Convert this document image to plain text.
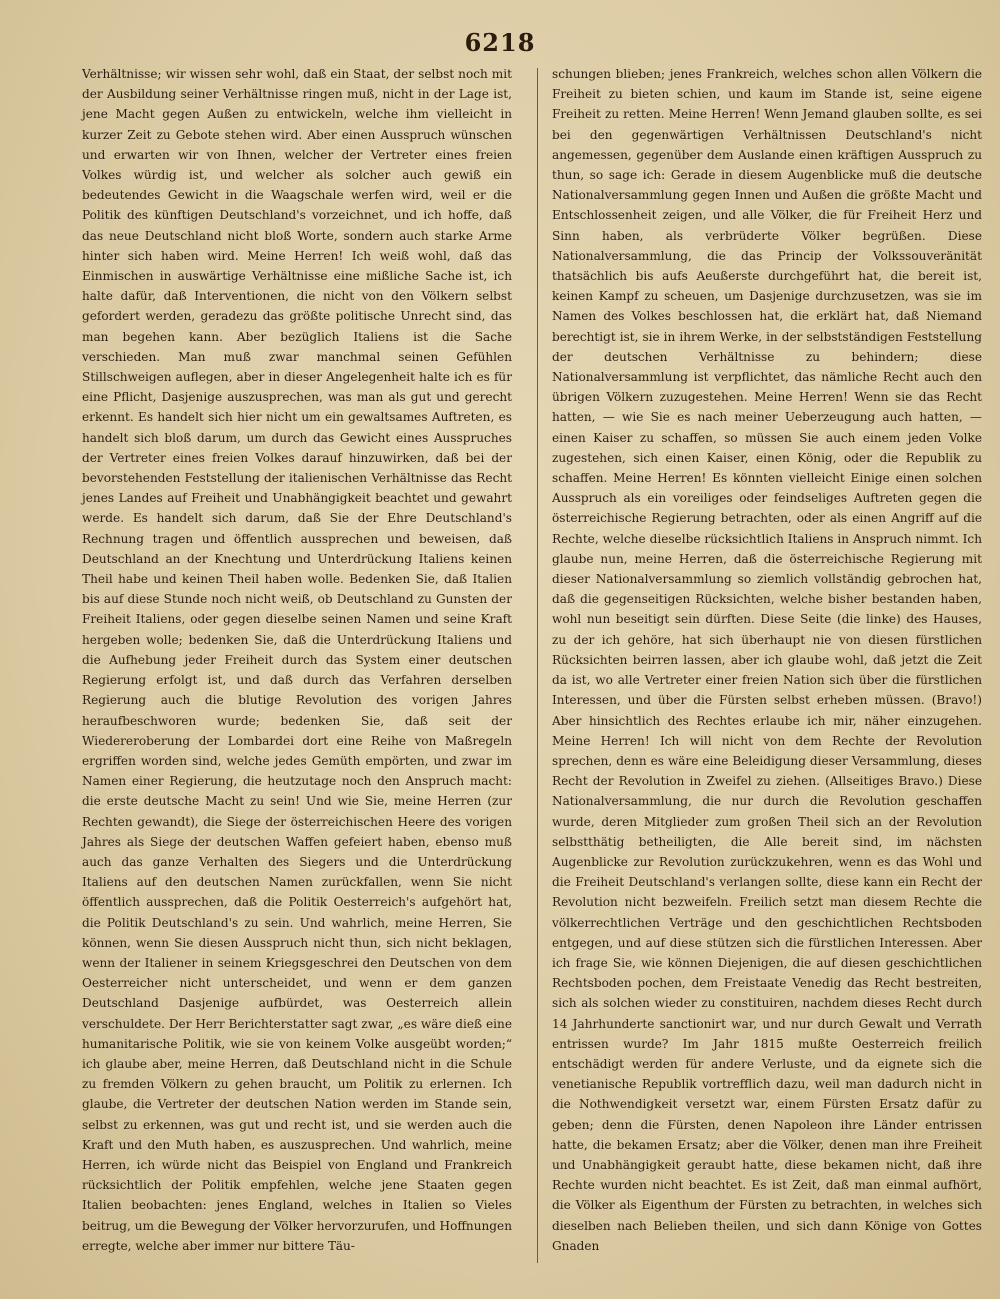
6218

Verhältnisse; wir wissen sehr wohl, daß ein Staat, der selbst noch mit der Ausbildung seiner Verhältnisse ringen muß, nicht in der Lage ist, jene Macht gegen Außen zu entwickeln, welche ihm vielleicht in kurzer Zeit zu Gebote stehen wird. Aber einen Ausspruch wünschen und erwarten wir von Ihnen, welcher der Vertreter eines freien Volkes würdig ist, und welcher als solcher auch gewiß ein bedeutendes Gewicht in die Waagschale werfen wird, weil er die Politik des künftigen Deutschland's vorzeichnet, und ich hoffe, daß das neue Deutschland nicht bloß Worte, sondern auch starke Arme hinter sich haben wird. Meine Herren! Ich weiß wohl, daß das Einmischen in auswärtige Verhältnisse eine mißliche Sache ist, ich halte dafür, daß Interventionen, die nicht von den Völkern selbst gefordert werden, geradezu das größte politische Unrecht sind, das man begehen kann. Aber bezüglich Italiens ist die Sache verschieden. Man muß zwar manchmal seinen Gefühlen Stillschweigen auflegen, aber in dieser Angelegenheit halte ich es für eine Pflicht, Dasjenige auszusprechen, was man als gut und gerecht erkennt. Es handelt sich hier nicht um ein gewaltsames Auftreten, es handelt sich bloß darum, um durch das Gewicht eines Ausspruches der Vertreter eines freien Volkes darauf hinzuwirken, daß bei der bevorstehenden Feststellung der italienischen Verhältnisse das Recht jenes Landes auf Freiheit und Unabhängigkeit beachtet und gewahrt werde. Es handelt sich darum, daß Sie der Ehre Deutschland's Rechnung tragen und öffentlich aussprechen und beweisen, daß Deutschland an der Knechtung und Unterdrückung Italiens keinen Theil habe und keinen Theil haben wolle. Bedenken Sie, daß Italien bis auf diese Stunde noch nicht weiß, ob Deutschland zu Gunsten der Freiheit Italiens, oder gegen dieselbe seinen Namen und seine Kraft hergeben wolle; bedenken Sie, daß die Unterdrückung Italiens und die Aufhebung jeder Freiheit durch das System einer deutschen Regierung erfolgt ist, und daß durch das Verfahren derselben Regierung auch die blutige Revolution des vorigen Jahres heraufbeschworen wurde; bedenken Sie, daß seit der Wiedereroberung der Lombardei dort eine Reihe von Maßregeln ergriffen worden sind, welche jedes Gemüth empörten, und zwar im Namen einer Regierung, die heutzutage noch den Anspruch macht: die erste deutsche Macht zu sein! Und wie Sie, meine Herren (zur Rechten gewandt), die Siege der österreichischen Heere des vorigen Jahres als Siege der deutschen Waffen gefeiert haben, ebenso muß auch das ganze Verhalten des Siegers und die Unterdrückung Italiens auf den deutschen Namen zurückfallen, wenn Sie nicht öffentlich aussprechen, daß die Politik Oesterreich's aufgehört hat, die Politik Deutschland's zu sein. Und wahrlich, meine Herren, Sie können, wenn Sie diesen Ausspruch nicht thun, sich nicht beklagen, wenn der Italiener in seinem Kriegsgeschrei den Deutschen von dem Oesterreicher nicht unterscheidet, und wenn er dem ganzen Deutschland Dasjenige aufbürdet, was Oesterreich allein verschuldete. Der Herr Berichterstatter sagt zwar, „es wäre dieß eine humanitarische Politik, wie sie von keinem Volke ausgeübt worden;“ ich glaube aber, meine Herren, daß Deutschland nicht in die Schule zu fremden Völkern zu gehen braucht, um Politik zu erlernen. Ich glaube, die Vertreter der deutschen Nation werden im Stande sein, selbst zu erkennen, was gut und recht ist, und sie werden auch die Kraft und den Muth haben, es auszusprechen. Und wahrlich, meine Herren, ich würde nicht das Beispiel von England und Frankreich rücksichtlich der Politik empfehlen, welche jene Staaten gegen Italien beobachten: jenes England, welches in Italien so Vieles beitrug, um die Bewegung der Völker hervorzurufen, und Hoffnungen erregte, welche aber immer nur bittere Täu-

schungen blieben; jenes Frankreich, welches schon allen Völkern die Freiheit zu bieten schien, und kaum im Stande ist, seine eigene Freiheit zu retten. Meine Herren! Wenn Jemand glauben sollte, es sei bei den gegenwärtigen Verhältnissen Deutschland's nicht angemessen, gegenüber dem Auslande einen kräftigen Ausspruch zu thun, so sage ich: Gerade in diesem Augenblicke muß die deutsche Nationalversammlung gegen Innen und Außen die größte Macht und Entschlossenheit zeigen, und alle Völker, die für Freiheit Herz und Sinn haben, als verbrüderte Völker begrüßen. Diese Nationalversammlung, die das Princip der Volkssouveränität thatsächlich bis aufs Aeußerste durchgeführt hat, die bereit ist, keinen Kampf zu scheuen, um Dasjenige durchzusetzen, was sie im Namen des Volkes beschlossen hat, die erklärt hat, daß Niemand berechtigt ist, sie in ihrem Werke, in der selbstständigen Feststellung der deutschen Verhältnisse zu behindern; diese Nationalversammlung ist verpflichtet, das nämliche Recht auch den übrigen Völkern zuzugestehen. Meine Herren! Wenn sie das Recht hatten, — wie Sie es nach meiner Ueberzeugung auch hatten, — einen Kaiser zu schaffen, so müssen Sie auch einem jeden Volke zugestehen, sich einen Kaiser, einen König, oder die Republik zu schaffen. Meine Herren! Es könnten vielleicht Einige einen solchen Ausspruch als ein voreiliges oder feindseliges Auftreten gegen die österreichische Regierung betrachten, oder als einen Angriff auf die Rechte, welche dieselbe rücksichtlich Italiens in Anspruch nimmt. Ich glaube nun, meine Herren, daß die österreichische Regierung mit dieser Nationalversammlung so ziemlich vollständig gebrochen hat, daß die gegenseitigen Rücksichten, welche bisher bestanden haben, wohl nun beseitigt sein dürften. Diese Seite (die linke) des Hauses, zu der ich gehöre, hat sich überhaupt nie von diesen fürstlichen Rücksichten beirren lassen, aber ich glaube wohl, daß jetzt die Zeit da ist, wo alle Vertreter einer freien Nation sich über die fürstlichen Interessen, und über die Fürsten selbst erheben müssen. (Bravo!) Aber hinsichtlich des Rechtes erlaube ich mir, näher einzugehen. Meine Herren! Ich will nicht von dem Rechte der Revolution sprechen, denn es wäre eine Beleidigung dieser Versammlung, dieses Recht der Revolution in Zweifel zu ziehen. (Allseitiges Bravo.) Diese Nationalversammlung, die nur durch die Revolution geschaffen wurde, deren Mitglieder zum großen Theil sich an der Revolution selbstthätig betheiligten, die Alle bereit sind, im nächsten Augenblicke zur Revolution zurückzukehren, wenn es das Wohl und die Freiheit Deutschland's verlangen sollte, diese kann ein Recht der Revolution nicht bezweifeln. Freilich setzt man diesem Rechte die völkerrechtlichen Verträge und den geschichtlichen Rechtsboden entgegen, und auf diese stützen sich die fürstlichen Interessen. Aber ich frage Sie, wie können Diejenigen, die auf diesen geschichtlichen Rechtsboden pochen, dem Freistaate Venedig das Recht bestreiten, sich als solchen wieder zu constituiren, nachdem dieses Recht durch 14 Jahrhunderte sanctionirt war, und nur durch Gewalt und Verrath entrissen wurde? Im Jahr 1815 mußte Oesterreich freilich entschädigt werden für andere Verluste, und da eignete sich die venetianische Republik vortrefflich dazu, weil man dadurch nicht in die Nothwendigkeit versetzt war, einem Fürsten Ersatz dafür zu geben; denn die Fürsten, denen Napoleon ihre Länder entrissen hatte, die bekamen Ersatz; aber die Völker, denen man ihre Freiheit und Unabhängigkeit geraubt hatte, diese bekamen nicht, daß ihre Rechte wurden nicht beachtet. Es ist Zeit, daß man einmal aufhört, die Völker als Eigenthum der Fürsten zu betrachten, in welches sich dieselben nach Belieben theilen, und sich dann Könige von Gottes Gnaden
